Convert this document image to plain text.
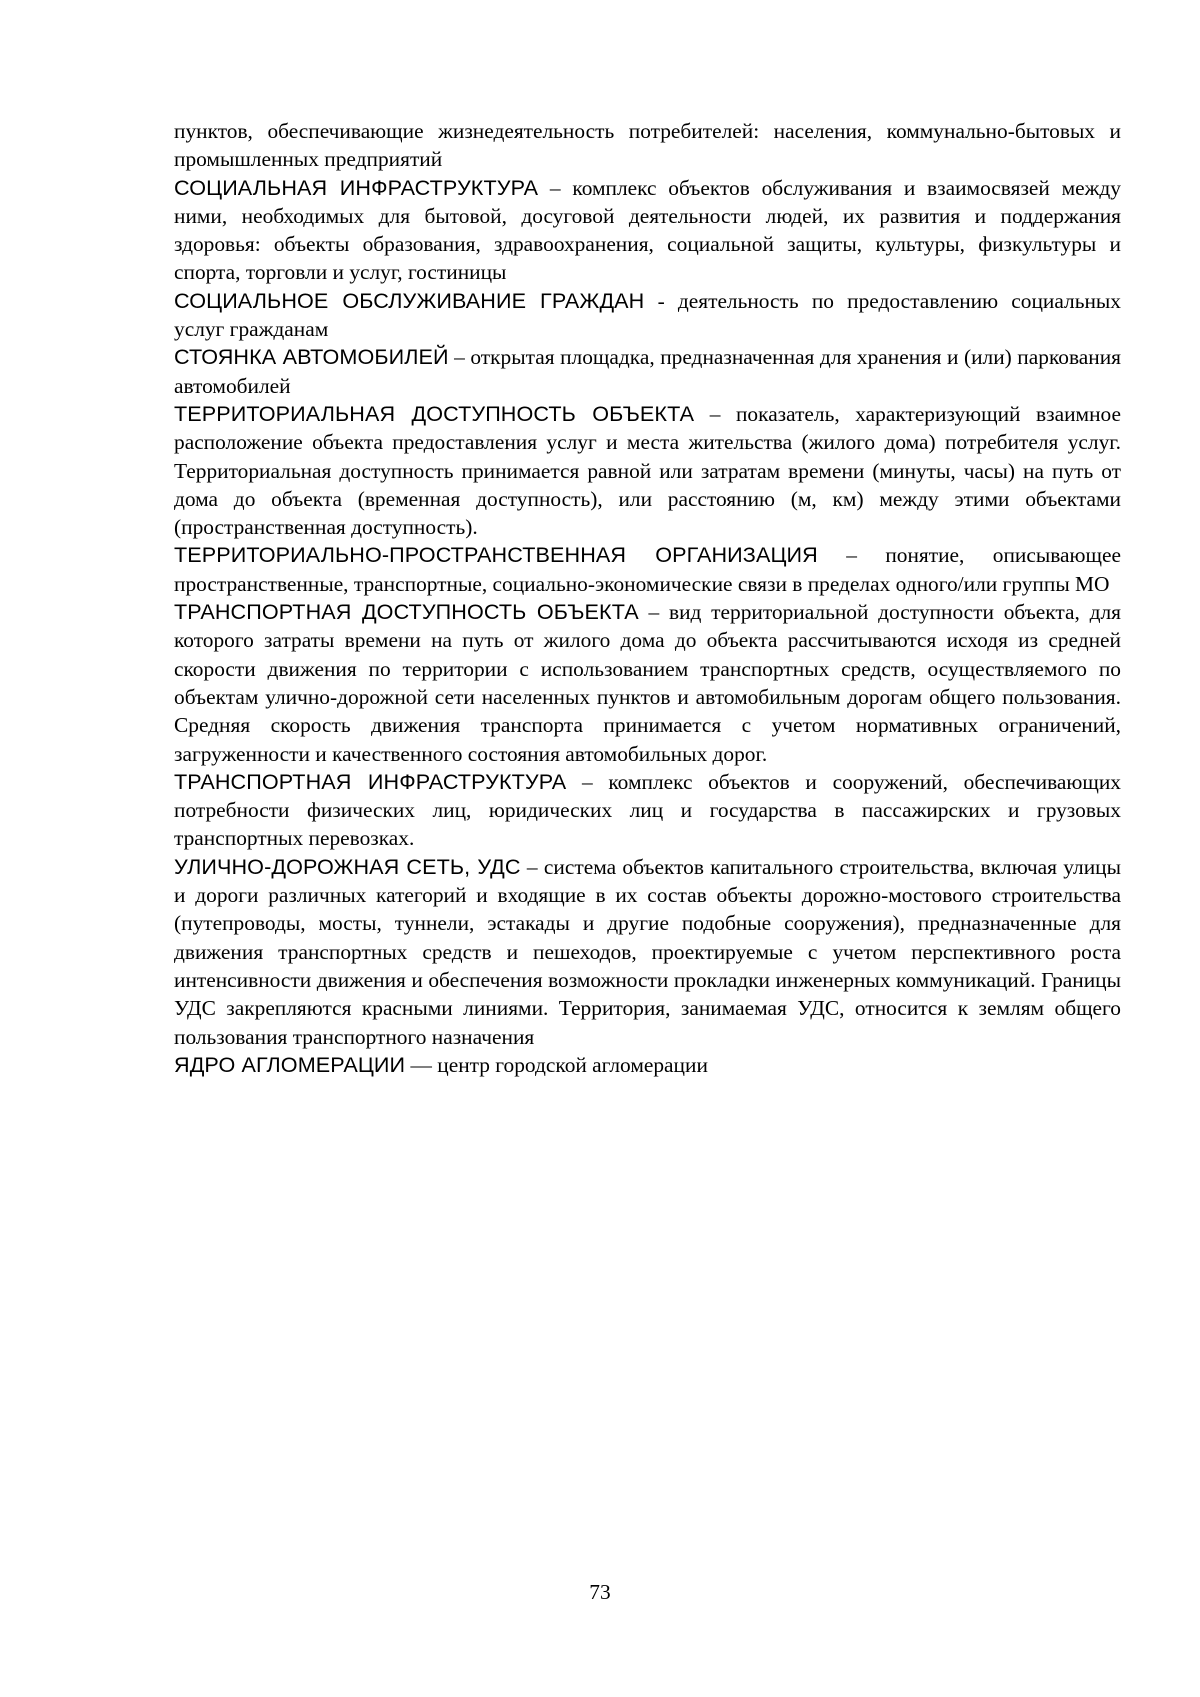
пунктов, обеспечивающие жизнедеятельность потребителей: населения, коммунально-бытовых и промышленных предприятий

СОЦИАЛЬНАЯ ИНФРАСТРУКТУРА – комплекс объектов обслуживания и взаимосвязей между ними, необходимых для бытовой, досуговой деятельности людей, их развития и поддержания здоровья: объекты образования, здравоохранения, социальной защиты, культуры, физкультуры и спорта, торговли и услуг, гостиницы

СОЦИАЛЬНОЕ ОБСЛУЖИВАНИЕ ГРАЖДАН - деятельность по предоставлению социальных услуг гражданам

СТОЯНКА АВТОМОБИЛЕЙ – открытая площадка, предназначенная для хранения и (или) паркования автомобилей

ТЕРРИТОРИАЛЬНАЯ ДОСТУПНОСТЬ ОБЪЕКТА – показатель, характеризующий взаимное расположение объекта предоставления услуг и места жительства (жилого дома) потребителя услуг. Территориальная доступность принимается равной или затратам времени (минуты, часы) на путь от дома до объекта (временная доступность), или расстоянию (м, км) между этими объектами (пространственная доступность).

ТЕРРИТОРИАЛЬНО-ПРОСТРАНСТВЕННАЯ ОРГАНИЗАЦИЯ – понятие, описывающее пространственные, транспортные, социально-экономические связи в пределах одного/или группы МО

ТРАНСПОРТНАЯ ДОСТУПНОСТЬ ОБЪЕКТА – вид территориальной доступности объекта, для которого затраты времени на путь от жилого дома до объекта рассчитываются исходя из средней скорости движения по территории с использованием транспортных средств, осуществляемого по объектам улично-дорожной сети населенных пунктов и автомобильным дорогам общего пользования. Средняя скорость движения транспорта принимается с учетом нормативных ограничений, загруженности и качественного состояния автомобильных дорог.

ТРАНСПОРТНАЯ ИНФРАСТРУКТУРА – комплекс объектов и сооружений, обеспечивающих потребности физических лиц, юридических лиц и государства в пассажирских и грузовых транспортных перевозках.

УЛИЧНО-ДОРОЖНАЯ СЕТЬ, УДС – система объектов капитального строительства, включая улицы и дороги различных категорий и входящие в их состав объекты дорожно-мостового строительства (путепроводы, мосты, туннели, эстакады и другие подобные сооружения), предназначенные для движения транспортных средств и пешеходов, проектируемые с учетом перспективного роста интенсивности движения и обеспечения возможности прокладки инженерных коммуникаций. Границы УДС закрепляются красными линиями. Территория, занимаемая УДС, относится к землям общего пользования транспортного назначения

ЯДРО АГЛОМЕРАЦИИ — центр городской агломерации

73
